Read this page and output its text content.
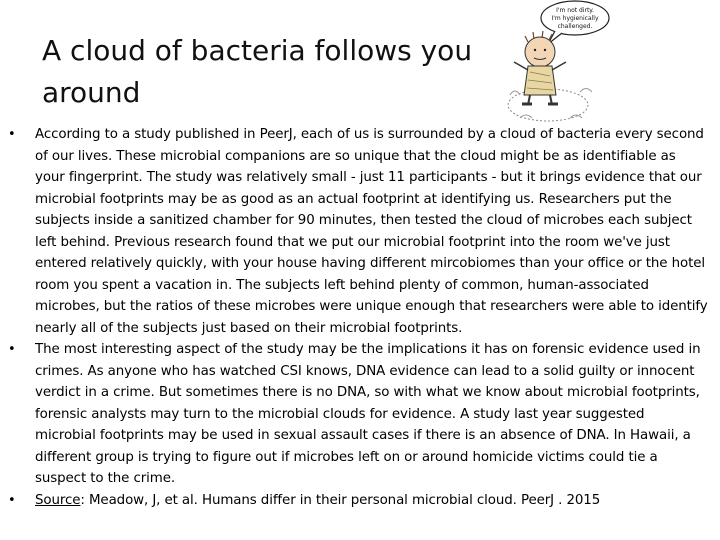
A cloud of bacteria follows you around
I'm not dirty.
I'm hygienically
challenged.
• According to a study published in PeerJ, each of us is surrounded by a cloud of bacteria every second of our lives. These microbial companions are so unique that the cloud might be as identifiable as your fingerprint. The study was relatively small - just 11 participants - but it brings evidence that our microbial footprints may be as good as an actual footprint at identifying us. Researchers put the subjects inside a sanitized chamber for 90 minutes, then tested the cloud of microbes each subject left behind. Previous research found that we put our microbial footprint into the room we've just entered relatively quickly, with your house having different mircobiomes than your office or the hotel room you spent a vacation in. The subjects left behind plenty of common, human-associated microbes, but the ratios of these microbes were unique enough that researchers were able to identify nearly all of the subjects just based on their microbial footprints.
• The most interesting aspect of the study may be the implications it has on forensic evidence used in crimes. As anyone who has watched CSI knows, DNA evidence can lead to a solid guilty or innocent verdict in a crime. But sometimes there is no DNA, so with what we know about microbial footprints, forensic analysts may turn to the microbial clouds for evidence. A study last year suggested microbial footprints may be used in sexual assault cases if there is an absence of DNA. In Hawaii, a different group is trying to figure out if microbes left on or around homicide victims could tie a suspect to the crime.
• Source: Meadow, J, et al. Humans differ in their personal microbial cloud. PeerJ . 2015
